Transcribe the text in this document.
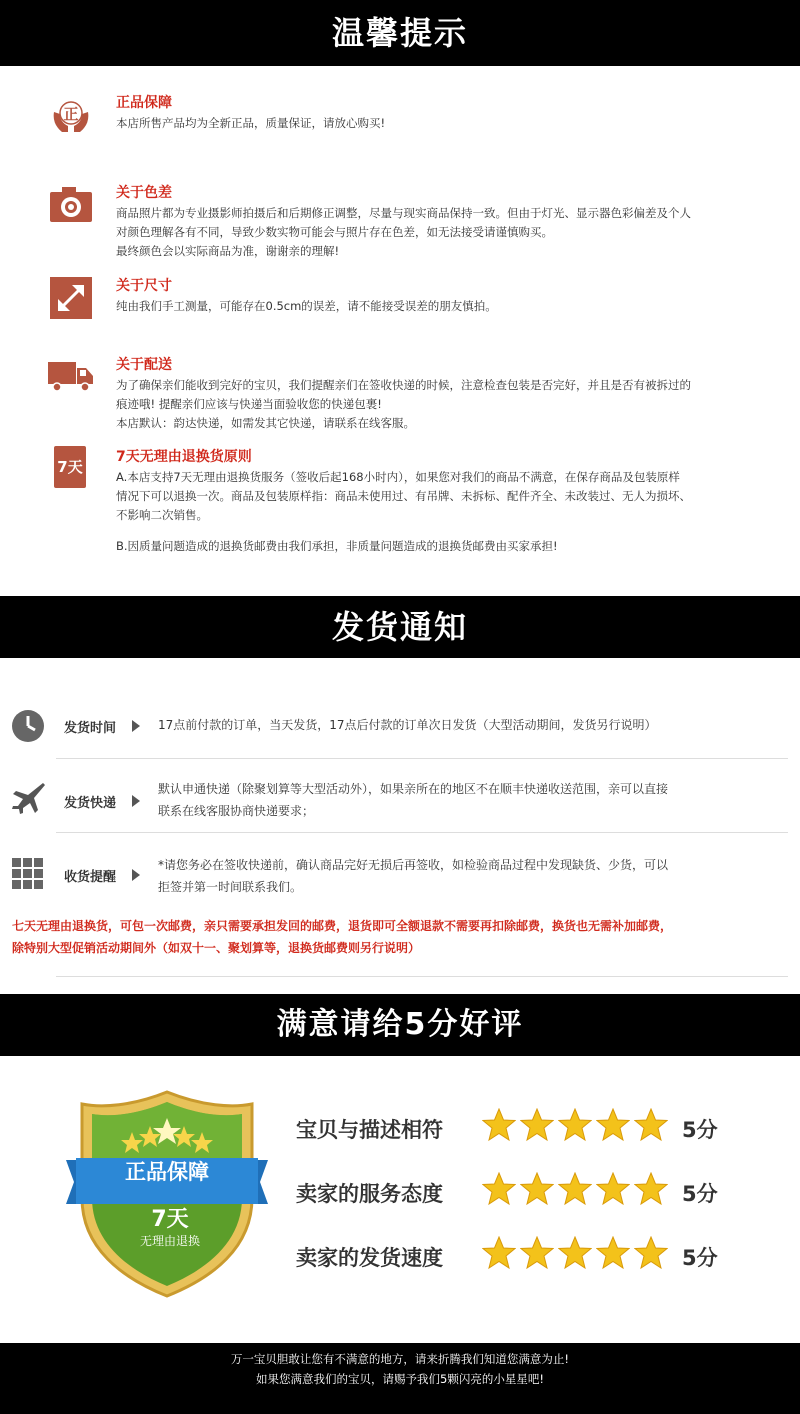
温馨提示
正
正品保障

本店所售产品均为全新正品，质量保证，请放心购买!

关于色差

商品照片都为专业摄影师拍摄后和后期修正调整，尽量与现实商品保持一致。但由于灯光、显示器色彩偏差及个人

对颜色理解各有不同，导致少数实物可能会与照片存在色差，如无法接受请谨慎购买。

最终颜色会以实际商品为准，谢谢亲的理解!

关于尺寸

纯由我们手工测量，可能存在0.5cm的误差，请不能接受误差的朋友慎拍。

关于配送

为了确保亲们能收到完好的宝贝，我们提醒亲们在签收快递的时候，注意检查包装是否完好，并且是否有被拆过的

痕迹哦! 提醒亲们应该与快递当面验收您的快递包裹!

本店默认：韵达快递，如需发其它快递，请联系在线客服。

7天
7天无理由退换货原则

A.本店支持7天无理由退换货服务（签收后起168小时内），如果您对我们的商品不满意，在保存商品及包装原样

情况下可以退换一次。商品及包装原样指：商品未使用过、有吊牌、未拆标、配件齐全、未改装过、无人为损坏、

不影响二次销售。

B.因质量问题造成的退换货邮费由我们承担，非质量问题造成的退换货邮费由买家承担!

发货通知
发货时间	17点前付款的订单，当天发货，17点后付款的订单次日发货（大型活动期间，发货另行说明）

发货快递

默认申通快递（除聚划算等大型活动外），如果亲所在的地区不在顺丰快递收送范围，亲可以直接

联系在线客服协商快递要求；

收货提醒

*请您务必在签收快递前，确认商品完好无损后再签收，如检验商品过程中发现缺货、少货，可以

拒签并第一时间联系我们。

七天无理由退换货，可包一次邮费，亲只需要承担发回的邮费，退货即可全额退款不需要再扣除邮费，换货也无需补加邮费，

除特别大型促销活动期间外（如双十一、聚划算等，退换货邮费则另行说明）

满意请给5分好评
正品保障
7天
无理由退换
宝贝与描述相符	5分
卖家的服务态度	5分
卖家的发货速度	5分

万一宝贝胆敢让您有不满意的地方，请来折腾我们知道您满意为止!

如果您满意我们的宝贝，请赐予我们5颗闪亮的小星星吧!
